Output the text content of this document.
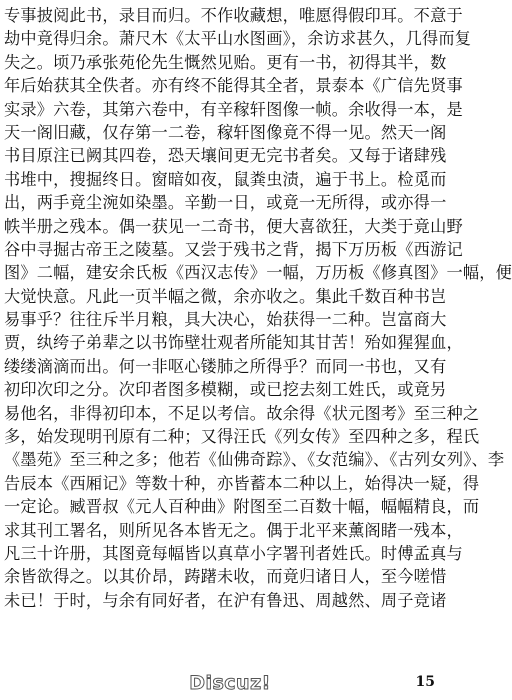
专事披阅此书，录目而归。不作收藏想，唯愿得假印耳。不意于
劫中竟得归余。萧尺木《太平山水图画》，余访求甚久，几得而复
失之。顷乃承张苑伦先生慨然见贻。更有一书，初得其半，数
年后始获其全佚者。亦有终不能得其全者，景泰本《广信先贤事
实录》六卷，其第六卷中，有辛稼轩图像一帧。余收得一本，是
天一阁旧藏，仅存第一二卷，稼轩图像竟不得一见。然天一阁
书目原注已阙其四卷，恐天壤间更无完书者矣。又每于诸肆残
书堆中，搜掘终日。窗暗如夜，鼠粪虫渍，遍于书上。检觅而
出，两手竟尘涴如染墨。辛勤一日，或竟一无所得，或亦得一
帙半册之残本。偶一获见一二奇书，便大喜欲狂，大类于竟山野
谷中寻掘古帝王之陵墓。又尝于残书之背，揭下万历板《西游记
图》二幅，建安余氏板《西汉志传》一幅，万历板《修真图》一幅，便
大觉快意。凡此一页半幅之微，余亦收之。集此千数百种书岂
易事乎？往往斥半月粮，具大决心，始获得一二种。岂富商大
贾，纨绔子弟辈之以书饰壁壮观者所能知其甘苦！殆如猩猩血，
缕缕滴滴而出。何一非呕心镂肺之所得乎？而同一书也，又有
初印次印之分。次印者图多模糊，或已挖去刻工姓氏，或竟另
易他名，非得初印本，不足以考信。故余得《状元图考》至三种之
多，始发现明刊原有二种；又得汪氏《列女传》至四种之多，程氏
《墨苑》至三种之多；他若《仙佛奇踪》、《女范编》、《古列女列》、李
告辰本《西厢记》等数十种，亦皆蓄本二种以上，始得决一疑，得
一定论。臧晋叔《元人百种曲》附图至二百数十幅，幅幅精良，而
求其刊工署名，则所见各本皆无之。偶于北平来薰阁睹一残本，
凡三十许册，其图竟每幅皆以真草小字署刊者姓氏。时傅孟真与
余皆欲得之。以其价昂，踌躇未收，而竟归诸日人，至今嗟惜
未已！于时，与余有同好者，在沪有鲁迅、周越然、周子竞诸
Discuz!	15
